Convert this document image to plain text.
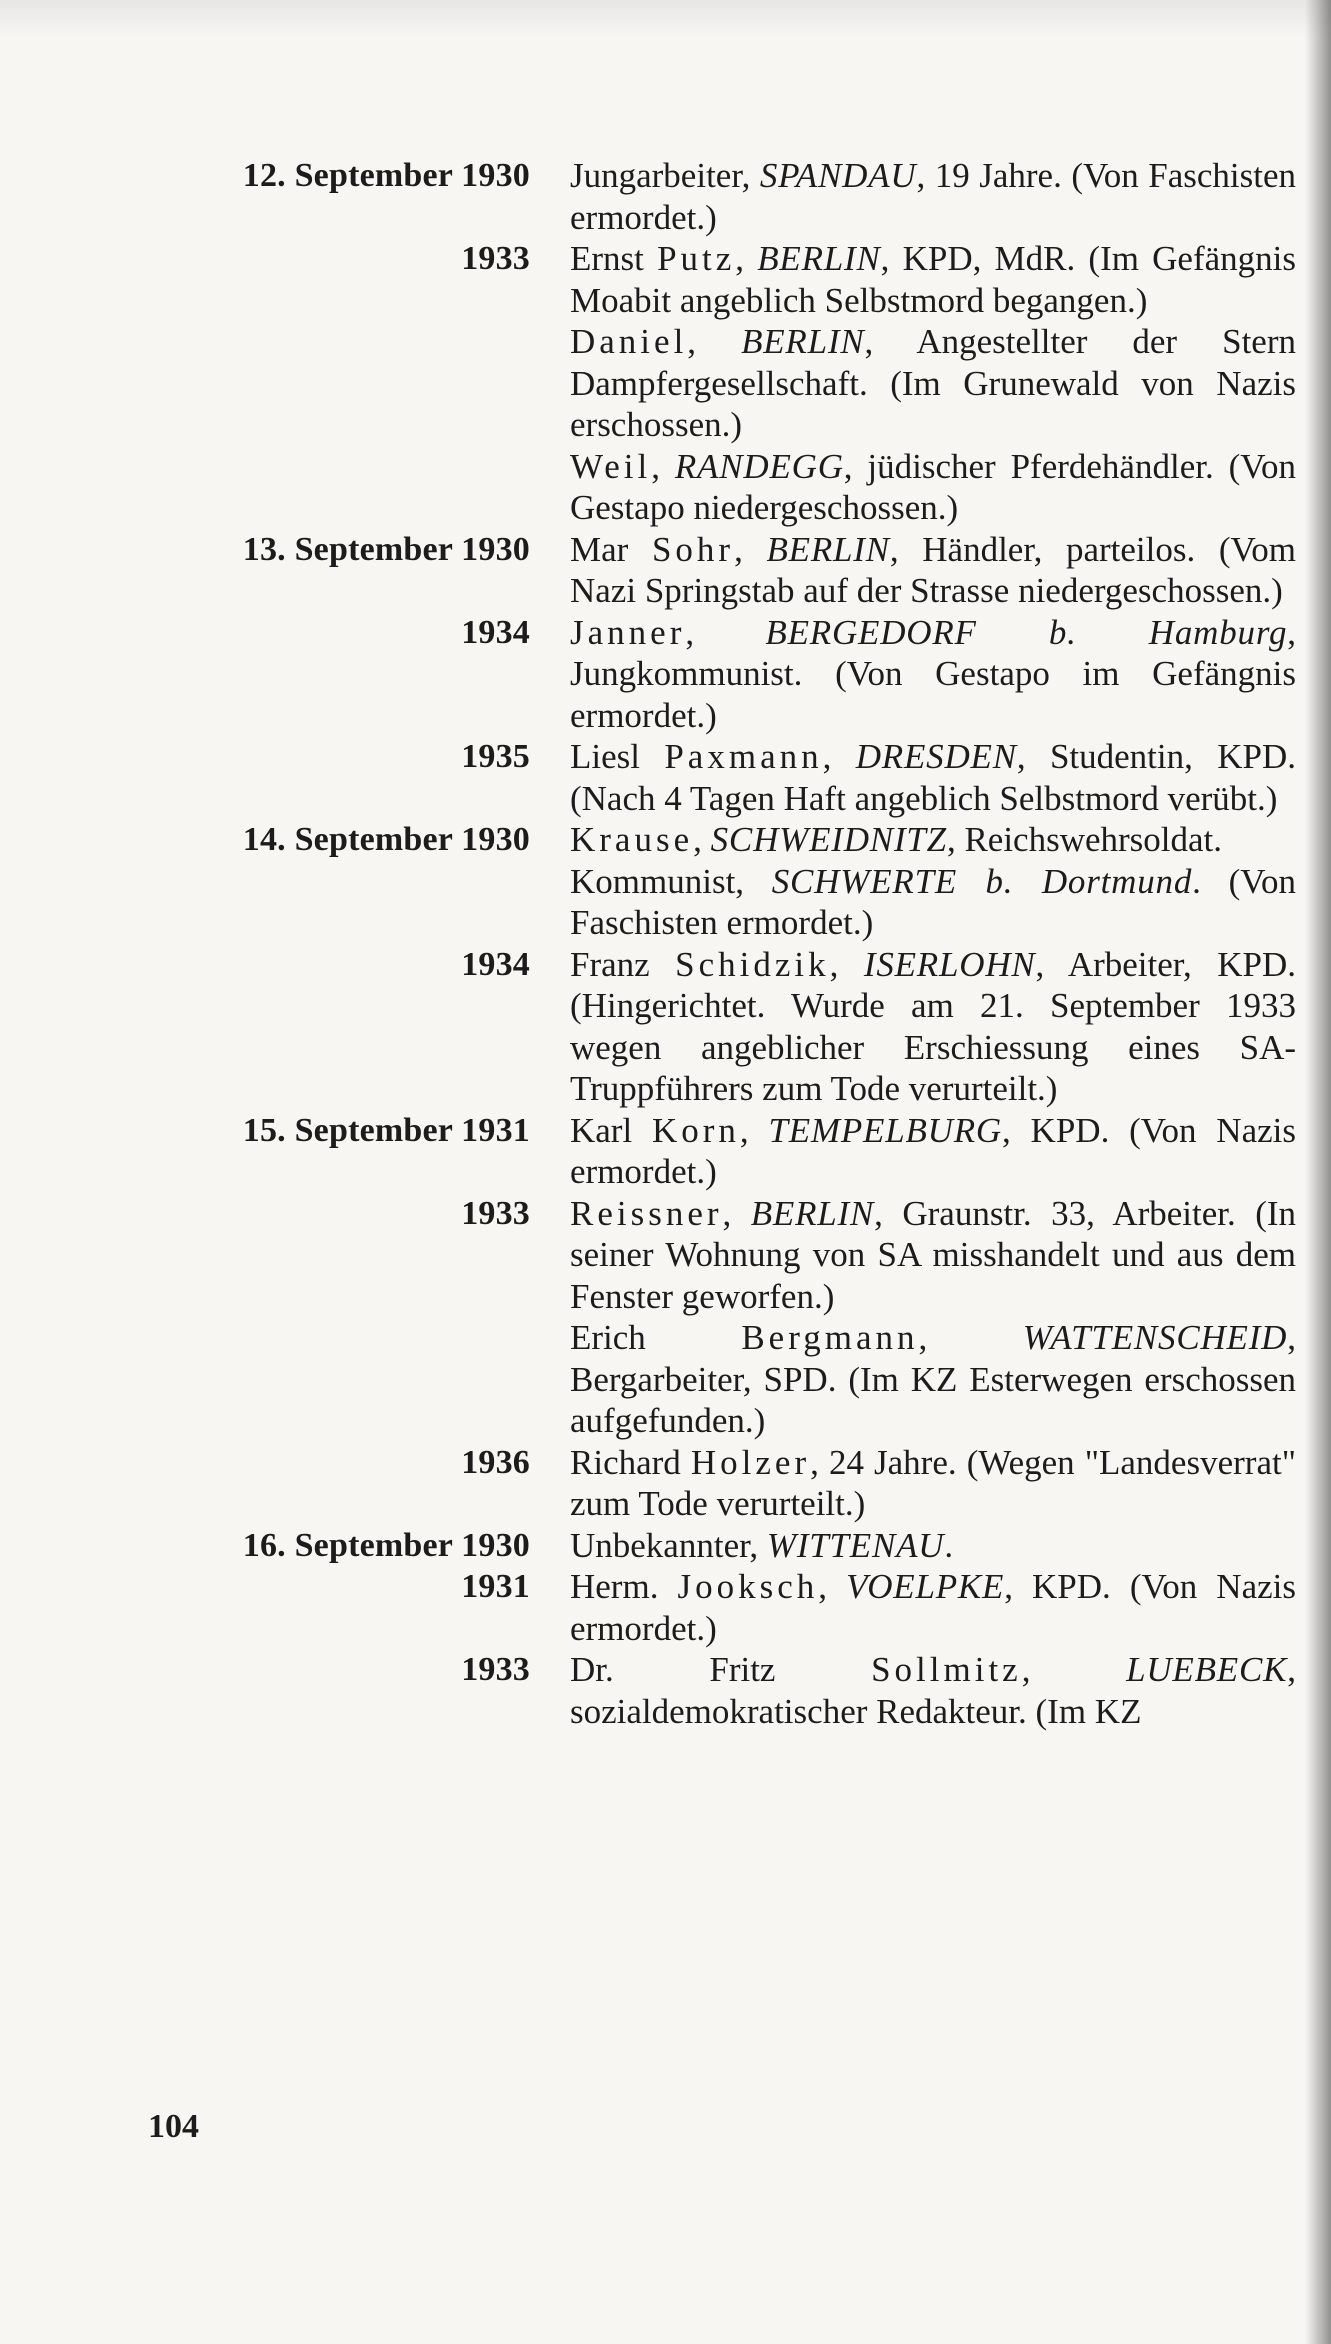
12. September 1930 Jungarbeiter, SPANDAU, 19 Jahre. (Von Faschisten ermordet.)
1933 Ernst Putz, BERLIN, KPD, MdR. (Im Gefängnis Moabit angeblich Selbstmord begangen.)
Daniel, BERLIN, Angestellter der Stern Dampfergesellschaft. (Im Grunewald von Nazis erschossen.)
Weil, RANDEGG, jüdischer Pferdehändler. (Von Gestapo niedergeschossen.)
13. September 1930 Mar Sohr, BERLIN, Händler, parteilos. (Vom Nazi Springstab auf der Strasse niedergeschossen.)
1934 Janner, BERGEDORF b. Hamburg, Jungkommunist. (Von Gestapo im Gefängnis ermordet.)
1935 Liesl Paxmann, DRESDEN, Studentin, KPD. (Nach 4 Tagen Haft angeblich Selbstmord verübt.)
14. September 1930 Krause, SCHWEIDNITZ, Reichswehrsoldat.
Kommunist, SCHWERTE b. Dortmund. (Von Faschisten ermordet.)
1934 Franz Schidzik, ISERLOHN, Arbeiter, KPD. (Hingerichtet. Wurde am 21. September 1933 wegen angeblicher Erschiessung eines SA-Truppführers zum Tode verurteilt.)
15. September 1931 Karl Korn, TEMPELBURG, KPD. (Von Nazis ermordet.)
1933 Reissner, BERLIN, Graunstr. 33, Arbeiter. (In seiner Wohnung von SA misshandelt und aus dem Fenster geworfen.)
Erich Bergmann, WATTENSCHEID, Bergarbeiter, SPD. (Im KZ Esterwegen erschossen aufgefunden.)
1936 Richard Holzer, 24 Jahre. (Wegen "Landesverrat" zum Tode verurteilt.)
16. September 1930 Unbekannter, WITTENAU.
1931 Herm. Jooksch, VOELPKE, KPD. (Von Nazis ermordet.)
1933 Dr. Fritz Sollmitz, LUEBECK, sozialdemokratischer Redakteur. (Im KZ
104
